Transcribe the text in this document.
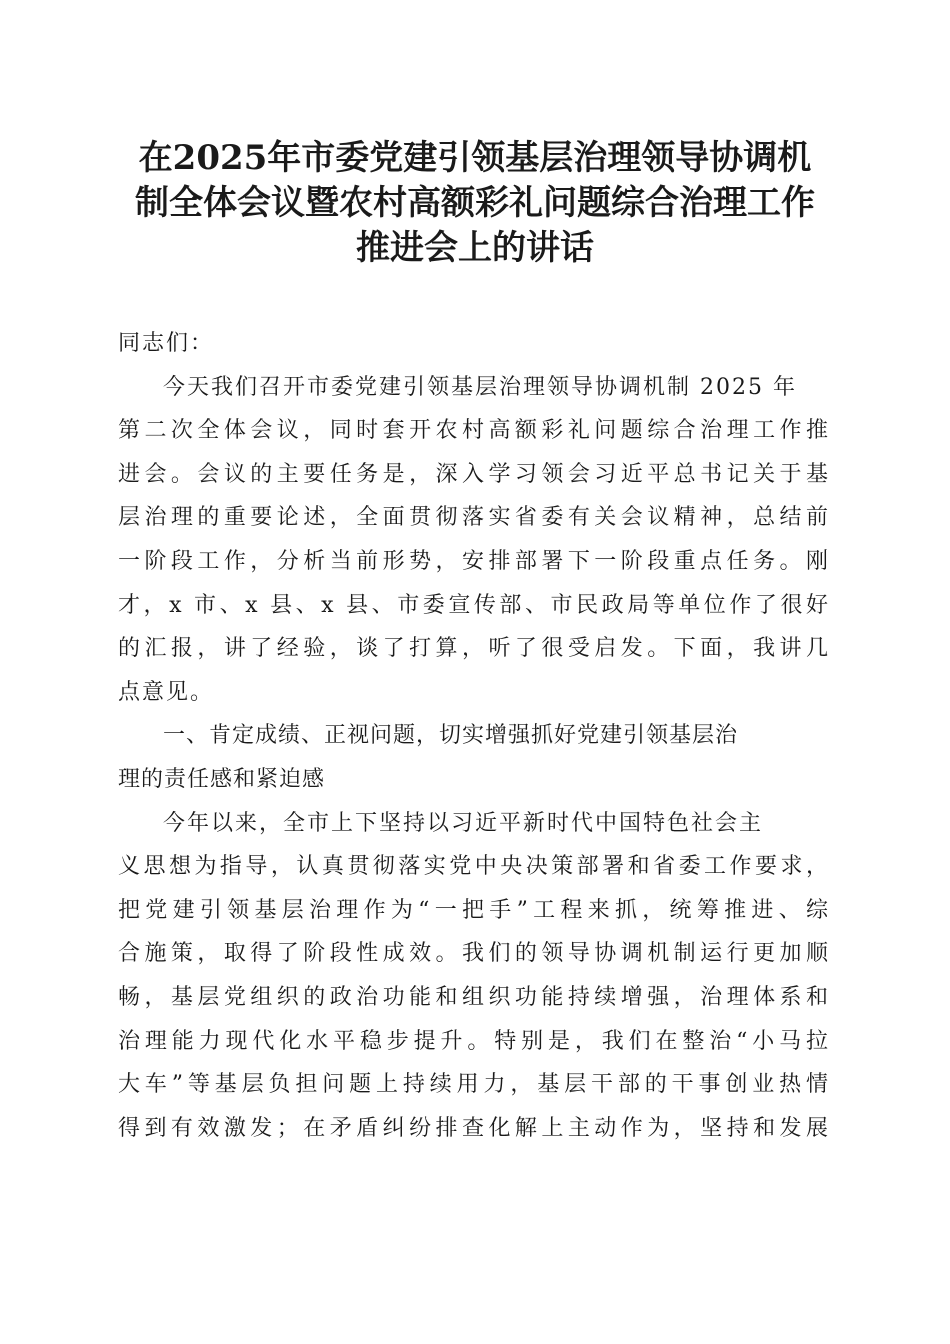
在2025年市委党建引领基层治理领导协调机
制全体会议暨农村高额彩礼问题综合治理工作
推进会上的讲话
同志们：
今天我们召开市委党建引领基层治理领导协调机制 2025 年
第二次全体会议，同时套开农村高额彩礼问题综合治理工作推
进会。会议的主要任务是，深入学习领会习近平总书记关于基
层治理的重要论述，全面贯彻落实省委有关会议精神，总结前
一阶段工作，分析当前形势，安排部署下一阶段重点任务。刚
才，x 市、x 县、x 县、市委宣传部、市民政局等单位作了很好
的汇报，讲了经验，谈了打算，听了很受启发。下面，我讲几
点意见。
一、肯定成绩、正视问题，切实增强抓好党建引领基层治
理的责任感和紧迫感
今年以来，全市上下坚持以习近平新时代中国特色社会主
义思想为指导，认真贯彻落实党中央决策部署和省委工作要求，
把党建引领基层治理作为“一把手”工程来抓，统筹推进、综
合施策，取得了阶段性成效。我们的领导协调机制运行更加顺
畅，基层党组织的政治功能和组织功能持续增强，治理体系和
治理能力现代化水平稳步提升。特别是，我们在整治“小马拉
大车”等基层负担问题上持续用力，基层干部的干事创业热情
得到有效激发；在矛盾纠纷排查化解上主动作为，坚持和发展
